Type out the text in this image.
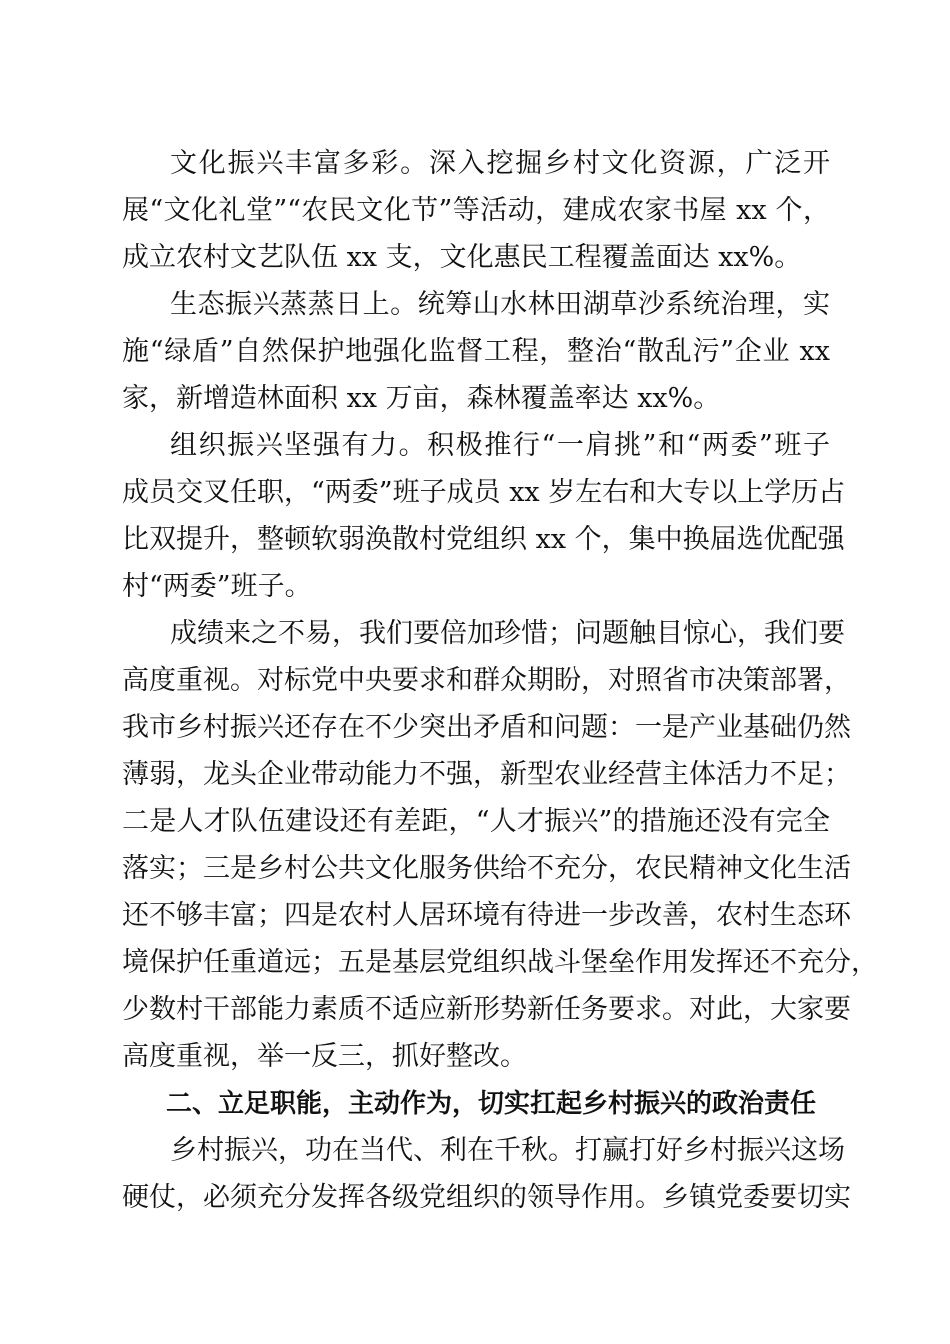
文化振兴丰富多彩。深入挖掘乡村文化资源，广泛开
展“文化礼堂”“农民文化节”等活动，建成农家书屋 xx 个，
成立农村文艺队伍 xx 支，文化惠民工程覆盖面达 xx%。
生态振兴蒸蒸日上。统筹山水林田湖草沙系统治理，实
施“绿盾”自然保护地强化监督工程，整治“散乱污”企业 xx
家，新增造林面积 xx 万亩，森林覆盖率达 xx%。
组织振兴坚强有力。积极推行“一肩挑”和“两委”班子
成员交叉任职，“两委”班子成员 xx 岁左右和大专以上学历占
比双提升，整顿软弱涣散村党组织 xx 个，集中换届选优配强
村“两委”班子。
成绩来之不易，我们要倍加珍惜；问题触目惊心，我们要
高度重视。对标党中央要求和群众期盼，对照省市决策部署，
我市乡村振兴还存在不少突出矛盾和问题：一是产业基础仍然
薄弱，龙头企业带动能力不强，新型农业经营主体活力不足；
二是人才队伍建设还有差距，“人才振兴”的措施还没有完全
落实；三是乡村公共文化服务供给不充分，农民精神文化生活
还不够丰富；四是农村人居环境有待进一步改善，农村生态环
境保护任重道远；五是基层党组织战斗堡垒作用发挥还不充分，
少数村干部能力素质不适应新形势新任务要求。对此，大家要
高度重视，举一反三，抓好整改。
二、立足职能，主动作为，切实扛起乡村振兴的政治责任
乡村振兴，功在当代、利在千秋。打赢打好乡村振兴这场
硬仗，必须充分发挥各级党组织的领导作用。乡镇党委要切实
